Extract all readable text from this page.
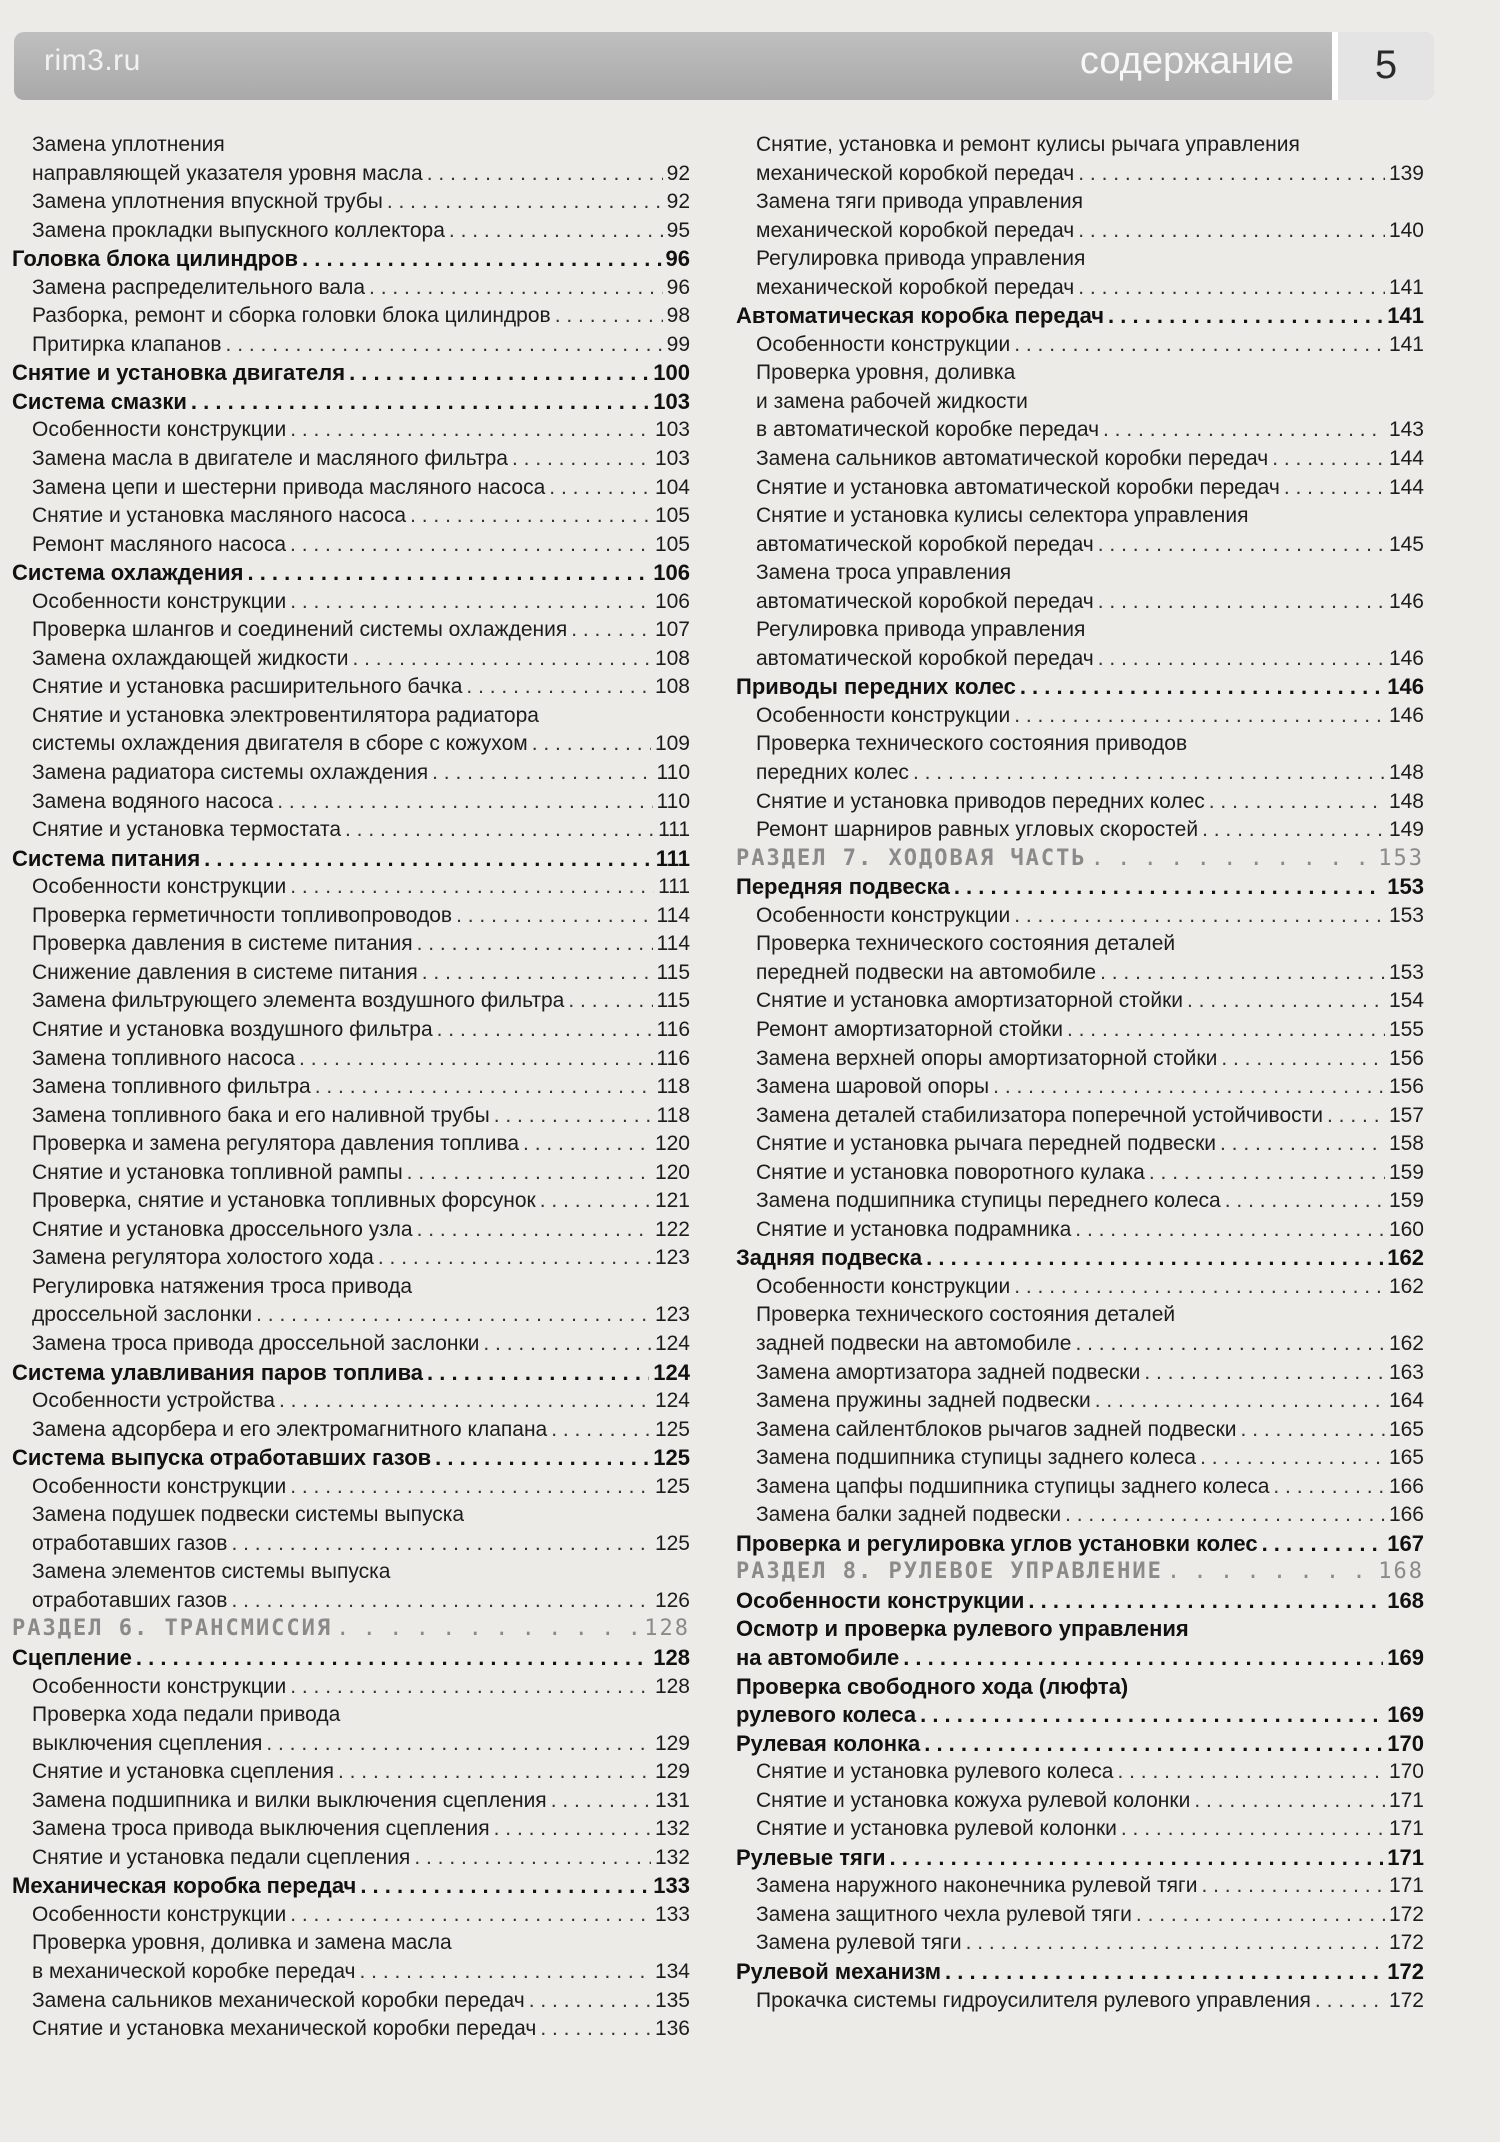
rim3.ru	содержание	5
Замена уплотнения
направляющей указателя уровня масла . . .	92
Замена уплотнения впускной трубы . . .	92
Замена прокладки выпускного коллектора . . .	95
Головка блока цилиндров . . .	96
Замена распределительного вала . . .	96
Разборка, ремонт и сборка головки блока цилиндров . . .	98
Притирка клапанов . . .	99
Снятие и установка двигателя . . .	100
Система смазки . . .	103
Особенности конструкции . . .	103
Замена масла в двигателе и масляного фильтра . . .	103
Замена цепи и шестерни привода масляного насоса . . .	104
Снятие и установка масляного насоса . . .	105
Ремонт масляного насоса . . .	105
Система охлаждения . . .	106
Особенности конструкции . . .	106
Проверка шлангов и соединений системы охлаждения . . .	107
Замена охлаждающей жидкости . . .	108
Снятие и установка расширительного бачка . . .	108
Снятие и установка электровентилятора радиатора
системы охлаждения двигателя в сборе с кожухом . . .	109
Замена радиатора системы охлаждения . . .	110
Замена водяного насоса . . .	110
Снятие и установка термостата . . .	111
Система питания . . .	111
Особенности конструкции . . .	111
Проверка герметичности топливопроводов . . .	114
Проверка давления в системе питания . . .	114
Снижение давления в системе питания . . .	115
Замена фильтрующего элемента воздушного фильтра . . .	115
Снятие и установка воздушного фильтра . . .	116
Замена топливного насоса . . .	116
Замена топливного фильтра . . .	118
Замена топливного бака и его наливной трубы . . .	118
Проверка и замена регулятора давления топлива . . .	120
Снятие и установка топливной рампы . . .	120
Проверка, снятие и установка топливных форсунок . . .	121
Снятие и установка дроссельного узла . . .	122
Замена регулятора холостого хода . . .	123
Регулировка натяжения троса привода
дроссельной заслонки . . .	123
Замена троса привода дроссельной заслонки . . .	124
Система улавливания паров топлива . . .	124
Особенности устройства . . .	124
Замена адсорбера и его электромагнитного клапана . . .	125
Система выпуска отработавших газов . . .	125
Особенности конструкции . . .	125
Замена подушек подвески системы выпуска
отработавших газов . . .	125
Замена элементов системы выпуска
отработавших газов . . .	126
РАЗДЕЛ 6. ТРАНСМИССИЯ . . .	128
Сцепление . . .	128
Особенности конструкции . . .	128
Проверка хода педали привода
выключения сцепления . . .	129
Снятие и установка сцепления . . .	129
Замена подшипника и вилки выключения сцепления . . .	131
Замена троса привода выключения сцепления . . .	132
Снятие и установка педали сцепления . . .	132
Механическая коробка передач . . .	133
Особенности конструкции . . .	133
Проверка уровня, доливка и замена масла
в механической коробке передач . . .	134
Замена сальников механической коробки передач . . .	135
Снятие и установка механической коробки передач . . .	136
Снятие, установка и ремонт кулисы рычага управления
механической коробкой передач . . .	139
Замена тяги привода управления
механической коробкой передач . . .	140
Регулировка привода управления
механической коробкой передач . . .	141
Автоматическая коробка передач . . .	141
Особенности конструкции . . .	141
Проверка уровня, доливка
и замена рабочей жидкости
в автоматической коробке передач . . .	143
Замена сальников автоматической коробки передач . . .	144
Снятие и установка автоматической коробки передач . . .	144
Снятие и установка кулисы селектора управления
автоматической коробкой передач . . .	145
Замена троса управления
автоматической коробкой передач . . .	146
Регулировка привода управления
автоматической коробкой передач . . .	146
Приводы передних колес . . .	146
Особенности конструкции . . .	146
Проверка технического состояния приводов
передних колес . . .	148
Снятие и установка приводов передних колес . . .	148
Ремонт шарниров равных угловых скоростей . . .	149
РАЗДЕЛ 7. ХОДОВАЯ ЧАСТЬ . . .	153
Передняя подвеска . . .	153
Особенности конструкции . . .	153
Проверка технического состояния деталей
передней подвески на автомобиле . . .	153
Снятие и установка амортизаторной стойки . . .	154
Ремонт амортизаторной стойки . . .	155
Замена верхней опоры амортизаторной стойки . . .	156
Замена шаровой опоры . . .	156
Замена деталей стабилизатора поперечной устойчивости . . .	157
Снятие и установка рычага передней подвески . . .	158
Снятие и установка поворотного кулака . . .	159
Замена подшипника ступицы переднего колеса . . .	159
Снятие и установка подрамника . . .	160
Задняя подвеска . . .	162
Особенности конструкции . . .	162
Проверка технического состояния деталей
задней подвески на автомобиле . . .	162
Замена амортизатора задней подвески . . .	163
Замена пружины задней подвески . . .	164
Замена сайлентблоков рычагов задней подвески . . .	165
Замена подшипника ступицы заднего колеса . . .	165
Замена цапфы подшипника ступицы заднего колеса . . .	166
Замена балки задней подвески . . .	166
Проверка и регулировка углов установки колес . . .	167
РАЗДЕЛ 8. РУЛЕВОЕ УПРАВЛЕНИЕ . . .	168
Особенности конструкции . . .	168
Осмотр и проверка рулевого управления
на автомобиле . . .	169
Проверка свободного хода (люфта)
рулевого колеса . . .	169
Рулевая колонка . . .	170
Снятие и установка рулевого колеса . . .	170
Снятие и установка кожуха рулевой колонки . . .	171
Снятие и установка рулевой колонки . . .	171
Рулевые тяги . . .	171
Замена наружного наконечника рулевой тяги . . .	171
Замена защитного чехла рулевой тяги . . .	172
Замена рулевой тяги . . .	172
Рулевой механизм . . .	172
Прокачка системы гидроусилителя рулевого управления . . .	172
